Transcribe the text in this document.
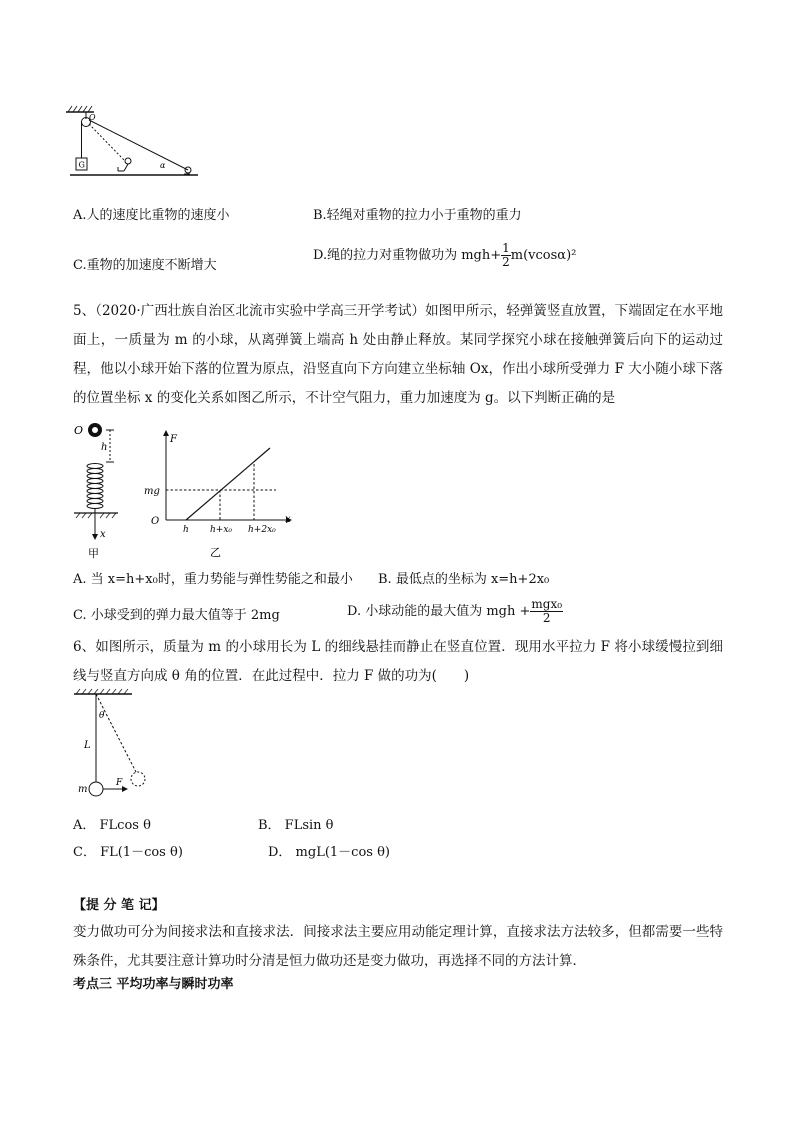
O
G	α
A.人的速度比重物的速度小	B.轻绳对重物的拉力小于重物的重力
C.重物的加速度不断增大
D.绳的拉力对重物做功为 $mgh+ \frac{1}{2} m(vcos\alpha)^2$
5、（2020·广西壮族自治区北流市实验中学高三开学考试）如图甲所示，轻弹簧竖直放置，下端固定在水平地面上，一质量为 m 的小球，从离弹簧上端高 h 处由静止释放。某同学探究小球在接触弹簧后向下的运动过程，他以小球开始下落的位置为原点，沿竖直向下方向建立坐标轴 Ox，作出小球所受弹力 F 大小随小球下落的位置坐标 x 的变化关系如图乙所示，不计空气阻力，重力加速度为 g。以下判断正确的是
O
h
x
甲
F
x
O
mg
h h+x₀ h+2x₀
乙
A. 当 x=h+x₀时，重力势能与弹性势能之和最小 B. 最低点的坐标为 x=h+2x₀
C. 小球受到的弹力最大值等于 2mg	D. 小球动能的最大值为 mgh + $\frac{\text{mgx₀}}{2}$
6、如图所示，质量为 m 的小球用长为 L 的细线悬挂而静止在竖直位置．现用水平拉力 F 将小球缓慢拉到细线与竖直方向成 θ 角的位置．在此过程中．拉力 F 做的功为(　　)
θ
L
m
F
A． FLcos θ	B． FLsin θ
C． FL(1－cos θ)	D． mgL(1－cos θ)
【提 分 笔 记】
变力做功可分为间接求法和直接求法．间接求法主要应用动能定理计算，直接求法方法较多，但都需要一些特殊条件，尤其要注意计算功时分清是恒力做功还是变力做功，再选择不同的方法计算．
考点三 平均功率与瞬时功率
